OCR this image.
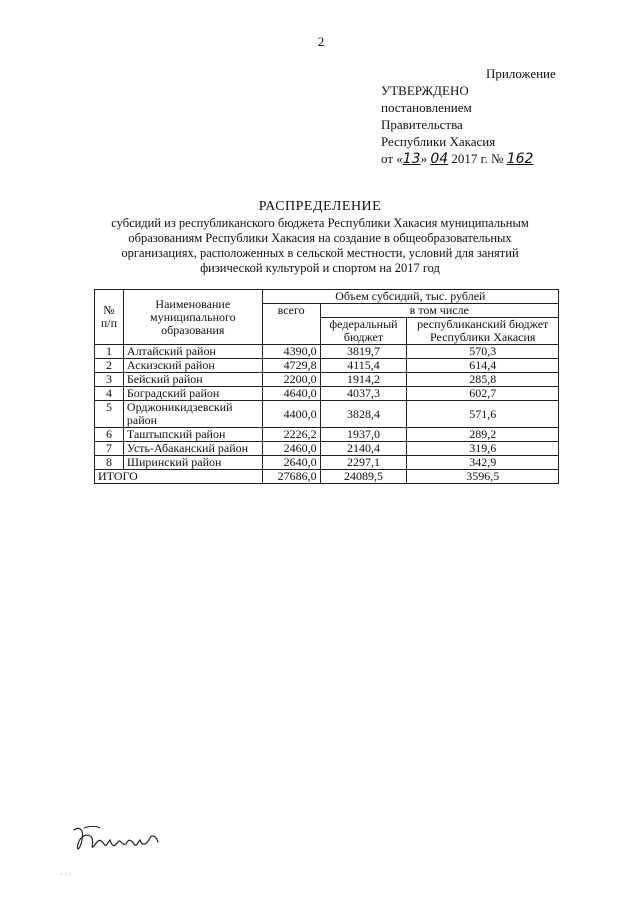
2
Приложение
УТВЕРЖДЕНО
постановлением
Правительства
Республики Хакасия
от «13» 04 2017 г. № 162
РАСПРЕДЕЛЕНИЕ
субсидий из республиканского бюджета Республики Хакасия муниципальным
образованиям Республики Хакасия на создание в общеобразовательных
организациях, расположенных в сельской местности, условий для занятий
физической культурой и спортом на 2017 год
№ п/п	Наименование муниципального образования	Объем субсидий, тыс. рублей		
		всего	в том числе	
			федеральный бюджет	республиканский бюджет Республики Хакасия
1	Алтайский район	4390,0	3819,7	570,3
2	Аскизский район	4729,8	4115,4	614,4
3	Бейский район	2200,0	1914,2	285,8
4	Боградский район	4640,0	4037,3	602,7
5	Орджоникидзевский район	4400,0	3828,4	571,6
6	Таштыпский район	2226,2	1937,0	289,2
7	Усть-Абаканский район	2460,0	2140,4	319,6
8	Ширинский район	2640,0	2297,1	342,9
ИТОГО		27686,0	24089,5	3596,5
· · ·
